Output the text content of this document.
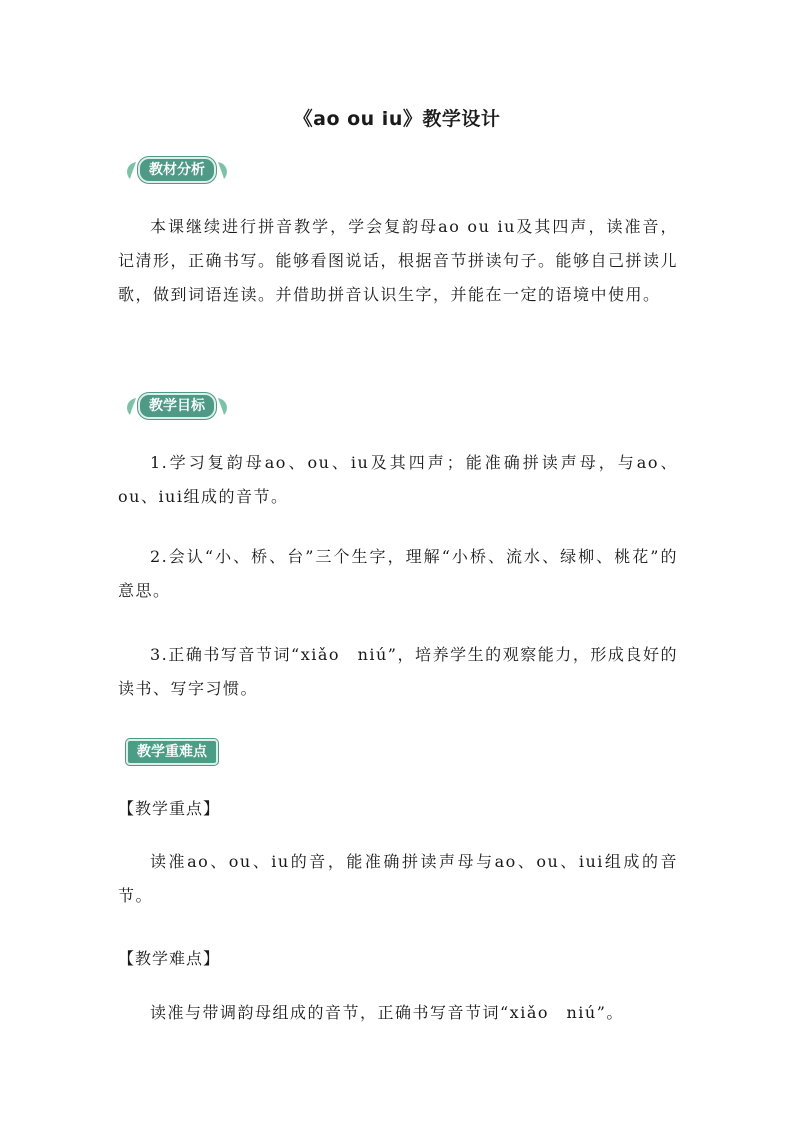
《ao ou iu》教学设计
教材分析
本课继续进行拼音教学，学会复韵母ao ou iu及其四声，读准音，记清形，正确书写。能够看图说话，根据音节拼读句子。能够自己拼读儿歌，做到词语连读。并借助拼音认识生字，并能在一定的语境中使用。
教学目标
1.学习复韵母ao、ou、iu及其四声；能准确拼读声母，与ao、ou、iui组成的音节。
2.会认“小、桥、台”三个生字，理解“小桥、流水、绿柳、桃花”的意思。
3.正确书写音节词“xiǎo　niú”，培养学生的观察能力，形成良好的读书、写字习惯。
教学重难点
【教学重点】
读准ao、ou、iu的音，能准确拼读声母与ao、ou、iui组成的音节。
【教学难点】
读准与带调韵母组成的音节，正确书写音节词“xiǎo　niú”。
